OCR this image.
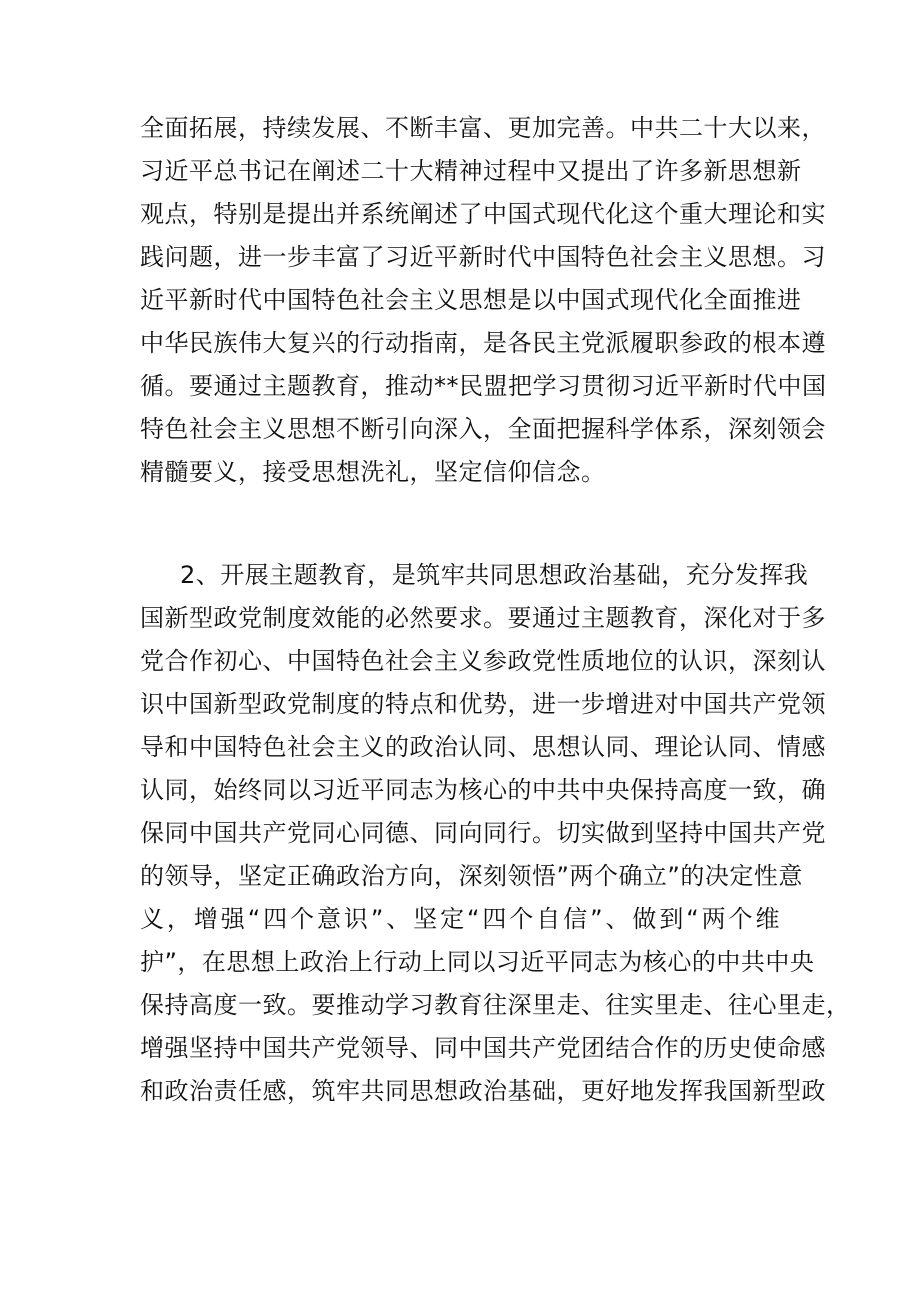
全面拓展，持续发展、不断丰富、更加完善。中共二十大以来，
习近平总书记在阐述二十大精神过程中又提出了许多新思想新
观点，特别是提出并系统阐述了中国式现代化这个重大理论和实
践问题，进一步丰富了习近平新时代中国特色社会主义思想。习
近平新时代中国特色社会主义思想是以中国式现代化全面推进
中华民族伟大复兴的行动指南，是各民主党派履职参政的根本遵
循。要通过主题教育，推动**民盟把学习贯彻习近平新时代中国
特色社会主义思想不断引向深入，全面把握科学体系，深刻领会
精髓要义，接受思想洗礼，坚定信仰信念。
2、开展主题教育，是筑牢共同思想政治基础，充分发挥我
国新型政党制度效能的必然要求。要通过主题教育，深化对于多
党合作初心、中国特色社会主义参政党性质地位的认识，深刻认
识中国新型政党制度的特点和优势，进一步增进对中国共产党领
导和中国特色社会主义的政治认同、思想认同、理论认同、情感
认同，始终同以习近平同志为核心的中共中央保持高度一致，确
保同中国共产党同心同德、同向同行。切实做到坚持中国共产党
的领导，坚定正确政治方向，深刻领悟”两个确立”的决定性意
义，增强“四个意识”、坚定“四个自信”、做到“两个维
护”，在思想上政治上行动上同以习近平同志为核心的中共中央
保持高度一致。要推动学习教育往深里走、往实里走、往心里走，
增强坚持中国共产党领导、同中国共产党团结合作的历史使命感
和政治责任感，筑牢共同思想政治基础，更好地发挥我国新型政
